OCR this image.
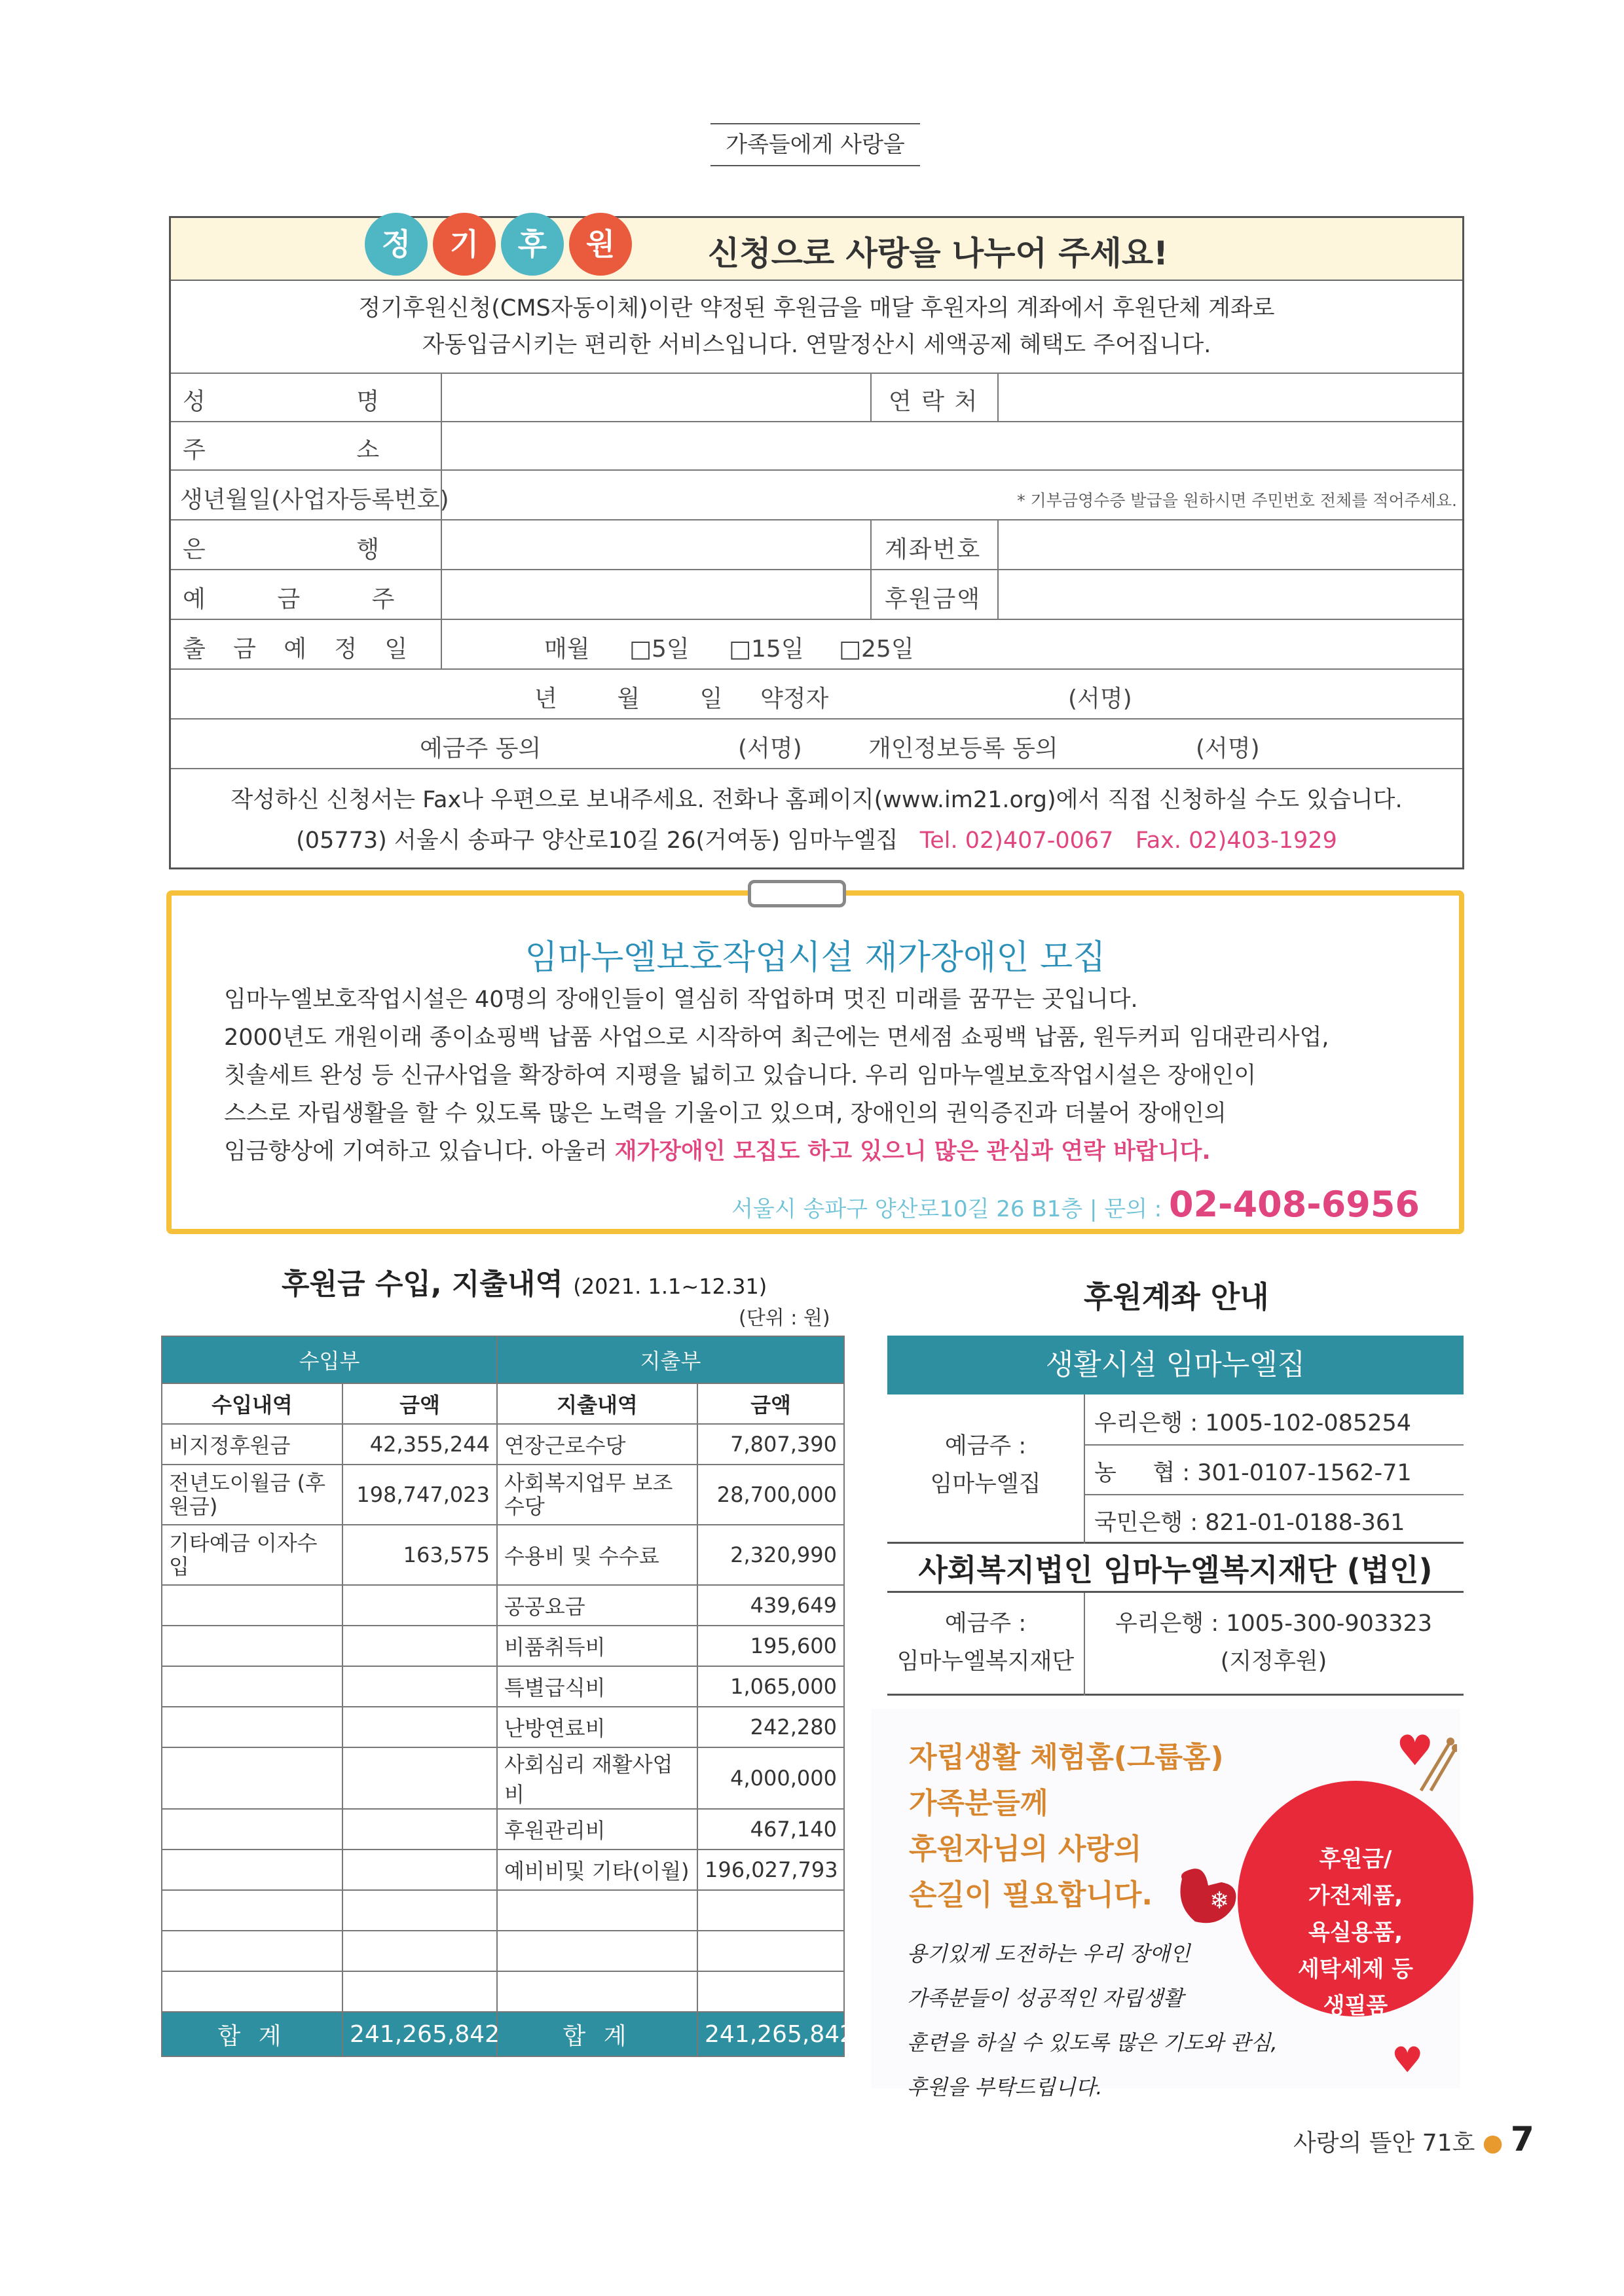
가족들에게 사랑을
정	기	후	원	신청으로 사랑을 나누어 주세요!
정기후원신청(CMS자동이체)이란 약정된 후원금을 매달 후원자의 계좌에서 후원단체 계좌로
자동입금시키는 편리한 서비스입니다. 연말정산시 세액공제 혜택도 주어집니다.
성                 명	연 락 처
주                 소
생년월일(사업자등록번호)	* 기부금영수증 발급을 원하시면 주민번호 전체를 적어주세요.
은                 행	계좌번호
예        금        주	후원금액
출   금   예   정   일	매월 □5일 □15일 □25일
년        월        일 약정자	(서명)
예금주 동의	(서명)	개인정보등록 동의	(서명)
작성하신 신청서는 Fax나 우편으로 보내주세요. 전화나 홈페이지(www.im21.org)에서 직접 신청하실 수도 있습니다.
(05773) 서울시 송파구 양산로10길 26(거여동) 임마누엘집 Tel. 02)407-0067 Fax. 02)403-1929
임마누엘보호작업시설 재가장애인 모집
임마누엘보호작업시설은 40명의 장애인들이 열심히 작업하며 멋진 미래를 꿈꾸는 곳입니다.
2000년도 개원이래 종이쇼핑백 납품 사업으로 시작하여 최근에는 면세점 쇼핑백 납품, 원두커피 임대관리사업,
칫솔세트 완성 등 신규사업을 확장하여 지평을 넓히고 있습니다. 우리 임마누엘보호작업시설은 장애인이
스스로 자립생활을 할 수 있도록 많은 노력을 기울이고 있으며, 장애인의 권익증진과 더불어 장애인의
임금향상에 기여하고 있습니다. 아울러 재가장애인 모집도 하고 있으니 많은 관심과 연락 바랍니다.
서울시 송파구 양산로10길 26 B1층 | 문의 : 02-408-6956
후원금 수입, 지출내역 (2021. 1.1~12.31)
(단위 : 원)
수입부		지출부	
수입내역	금액	지출내역	금액
비지정후원금	42,355,244	연장근로수당	7,807,390
전년도이월금 (후원금)	198,747,023	사회복지업무 보조수당	28,700,000
기타예금 이자수입	163,575	수용비 및 수수료	2,320,990
		공공요금	439,649
		비품취득비	195,600
		특별급식비	1,065,000
		난방연료비	242,280
		사회심리 재활사업비	4,000,000
		후원관리비	467,140
		예비비및 기타(이월)	196,027,793

합 계	241,265,842	합 계	241,265,842
후원계좌 안내
생활시설 임마누엘집
예금주 :
임마누엘집
우리은행 : 1005-102-085254
농     협 : 301-0107-1562-71
국민은행 : 821-01-0188-361
사회복지법인 임마누엘복지재단 (법인)
예금주 :
임마누엘복지재단
우리은행 : 1005-300-903323
(지정후원)
자립생활 체험홈(그룹홈)
가족분들께
후원자님의 사랑의
손길이 필요합니다.
용기있게 도전하는 우리 장애인
가족분들이 성공적인 자립생활
훈련을 하실 수 있도록 많은 기도와 관심,
후원을 부탁드립니다.
후원금/
가전제품,
욕실용품,
세탁세제 등
생필품
❄
♥
♥
사랑의 뜰안 71호 ● 7
